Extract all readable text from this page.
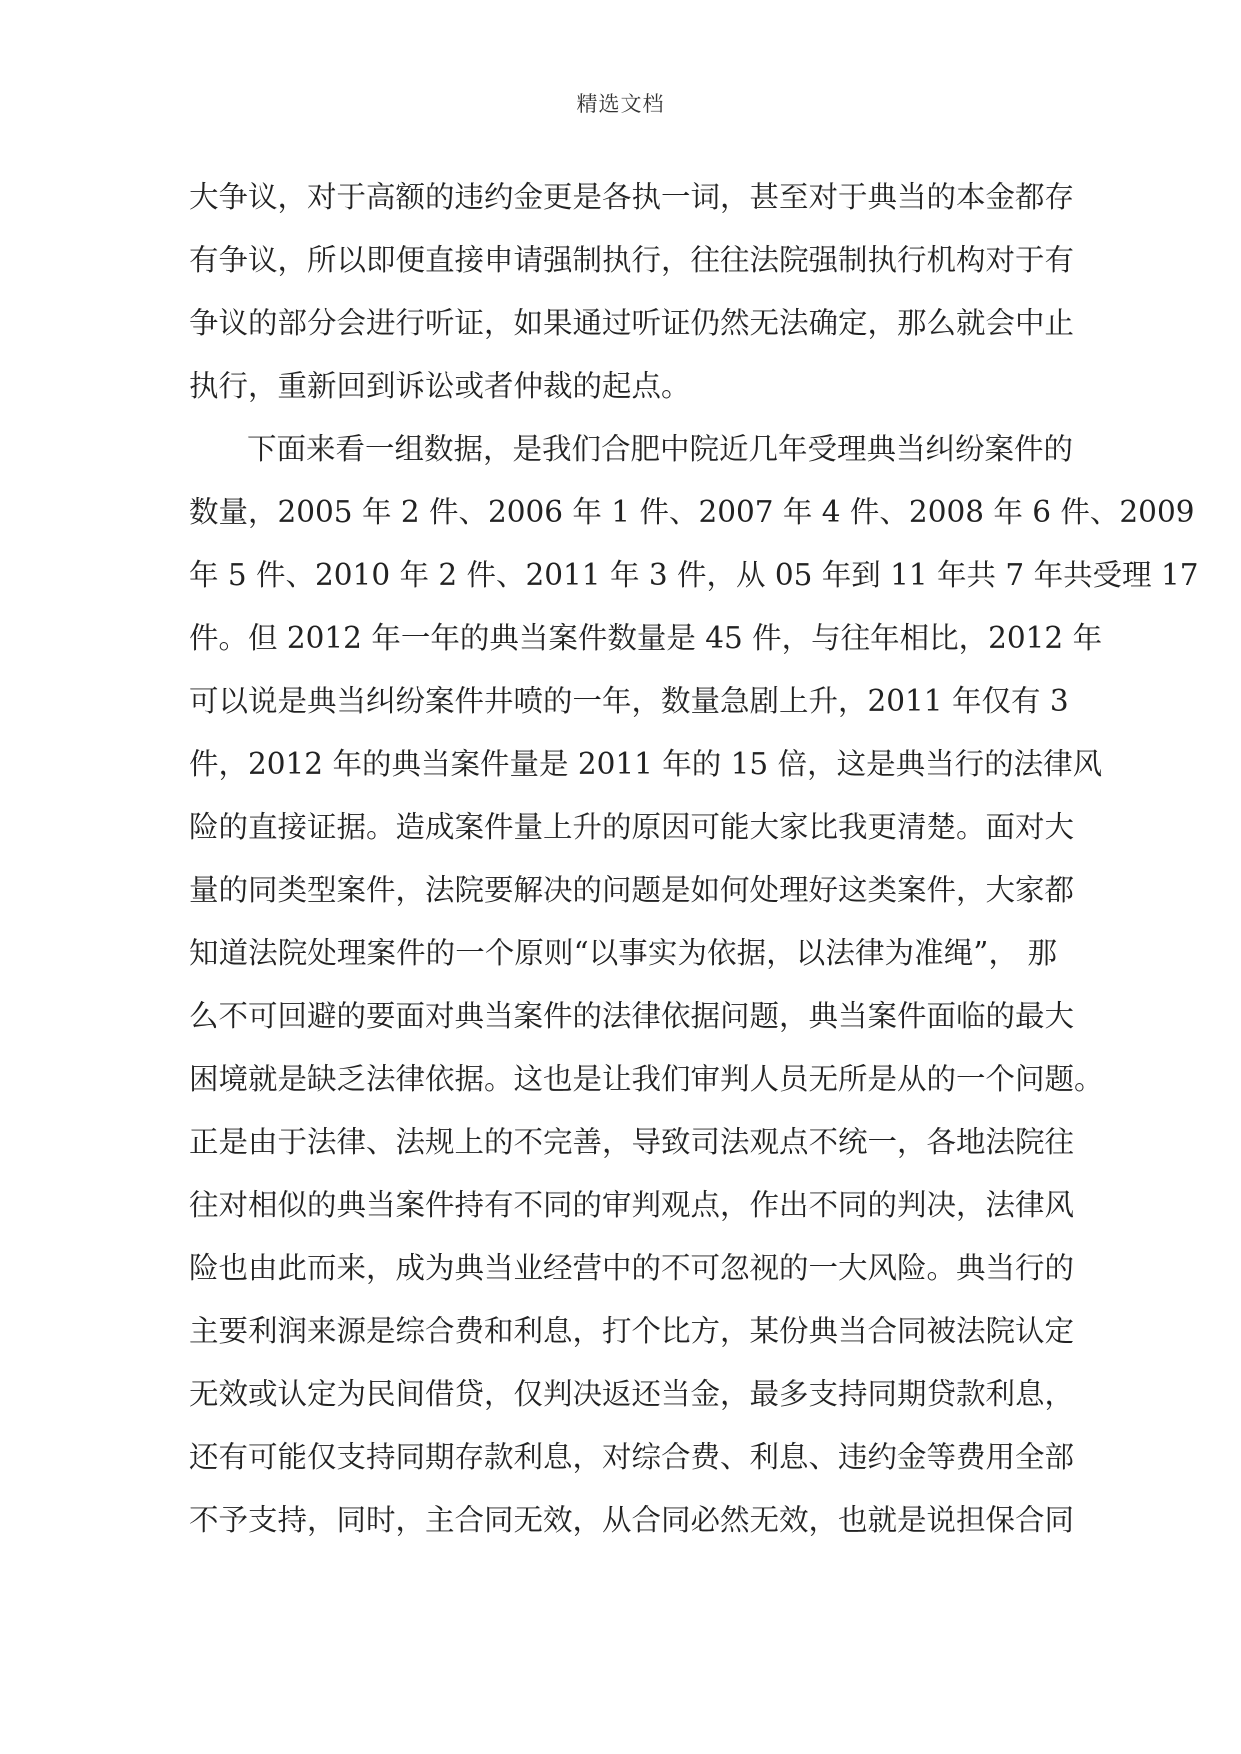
精选文档
大争议，对于高额的违约金更是各执一词，甚至对于典当的本金都存
有争议，所以即便直接申请强制执行，往往法院强制执行机构对于有
争议的部分会进行听证，如果通过听证仍然无法确定，那么就会中止
执行，重新回到诉讼或者仲裁的起点。
下面来看一组数据，是我们合肥中院近几年受理典当纠纷案件的
数量，2005 年 2 件、2006 年 1 件、2007 年 4 件、2008 年 6 件、2009
年 5 件、2010 年 2 件、2011 年 3 件，从 05 年到 11 年共 7 年共受理 17
件。但 2012 年一年的典当案件数量是 45 件，与往年相比，2012 年
可以说是典当纠纷案件井喷的一年，数量急剧上升，2011 年仅有 3
件，2012 年的典当案件量是 2011 年的 15 倍，这是典当行的法律风
险的直接证据。造成案件量上升的原因可能大家比我更清楚。面对大
量的同类型案件，法院要解决的问题是如何处理好这类案件，大家都
知道法院处理案件的一个原则“以事实为依据，以法律为准绳”， 那
么不可回避的要面对典当案件的法律依据问题，典当案件面临的最大
困境就是缺乏法律依据。这也是让我们审判人员无所是从的一个问题。
正是由于法律、法规上的不完善，导致司法观点不统一，各地法院往
往对相似的典当案件持有不同的审判观点，作出不同的判决，法律风
险也由此而来，成为典当业经营中的不可忽视的一大风险。典当行的
主要利润来源是综合费和利息，打个比方，某份典当合同被法院认定
无效或认定为民间借贷，仅判决返还当金，最多支持同期贷款利息，
还有可能仅支持同期存款利息，对综合费、利息、违约金等费用全部
不予支持，同时，主合同无效，从合同必然无效，也就是说担保合同
